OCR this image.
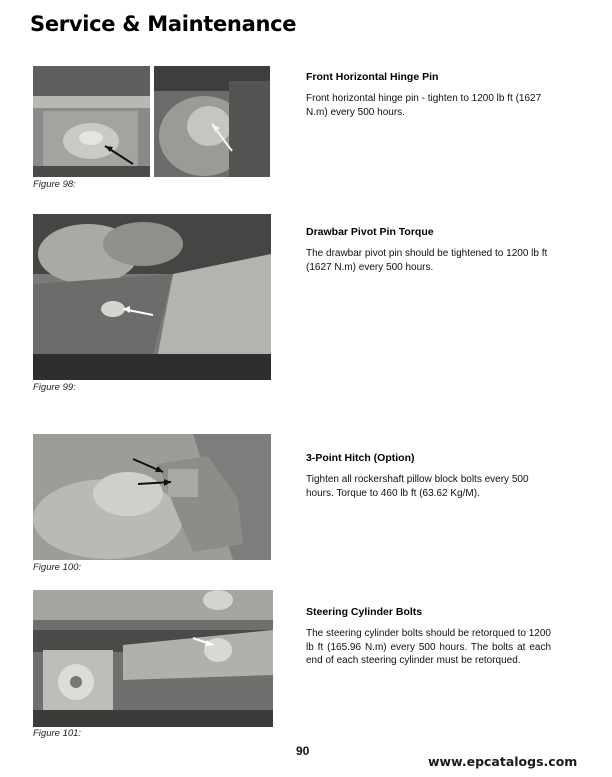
Service & Maintenance
Figure 98:
Front Horizontal Hinge Pin
Front horizontal hinge pin - tighten to 1200 lb ft (1627 N.m) every 500 hours.
Figure 99:
Drawbar Pivot Pin Torque
The drawbar pivot pin should be tightened to 1200 lb ft (1627 N.m) every 500 hours.
Figure 100:
3-Point Hitch (Option)
Tighten all rockershaft pillow block bolts every 500 hours. Torque to 460 lb ft (63.62 Kg/M).
Figure 101:
Steering Cylinder Bolts
The steering cylinder bolts should be retorqued to 1200 lb ft (165.96 N.m) every 500 hours. The bolts at each end of each steering cylinder must be retorqued.
90
www.epcatalogs.com
